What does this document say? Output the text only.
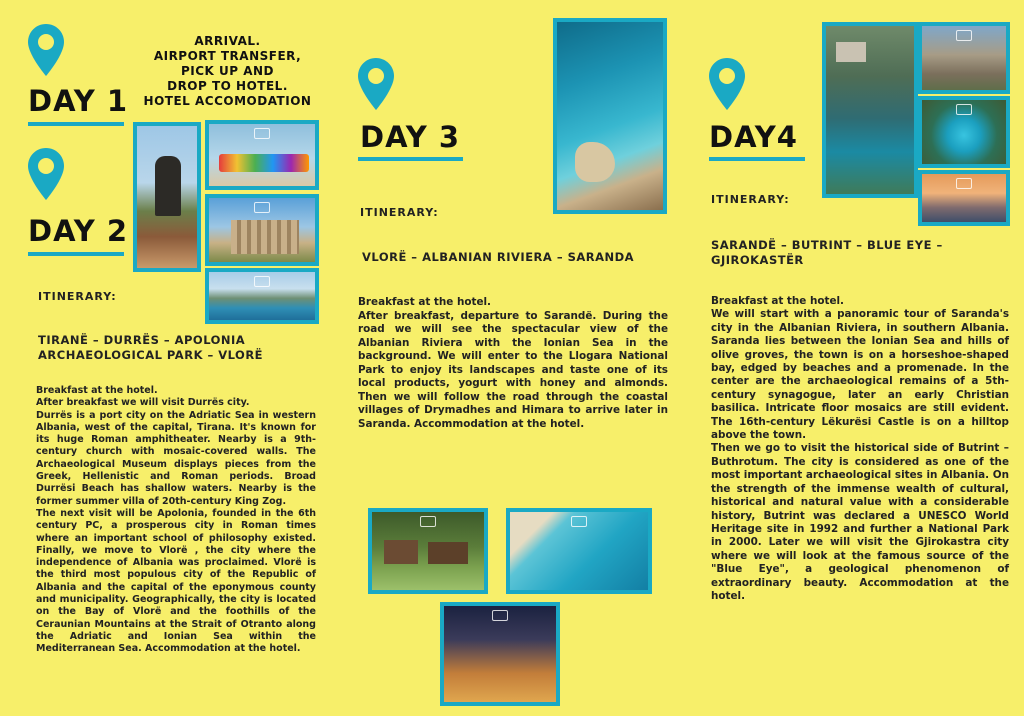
DAY 1
ARRIVAL.
AIRPORT TRANSFER,
PICK UP AND
DROP TO HOTEL.
HOTEL ACCOMODATION
DAY 2
ITINERARY:
TIRANË – DURRËS – APOLONIA
ARCHAEOLOGICAL PARK – VLORË

Breakfast at the hotel.

After breakfast we will visit Durrës city.

Durrës is a port city on the Adriatic Sea in western Albania, west of the capital, Tirana. It's known for its huge Roman amphitheater. Nearby is a 9th-century church with mosaic-covered walls. The Archaeological Museum displays pieces from the Greek, Hellenistic and Roman periods. Broad Durrësi Beach has shallow waters. Nearby is the former summer villa of 20th-century King Zog.

The next visit will be Apolonia, founded in the 6th century PC, a prosperous city in Roman times where an important school of philosophy existed. Finally, we move to Vlorë , the city where the independence of Albania was proclaimed. Vlorë is the third most populous city of the Republic of Albania and the capital of the eponymous county and municipality. Geographically, the city is located on the Bay of Vlorë and the foothills of the Ceraunian Mountains at the Strait of Otranto along the Adriatic and Ionian Sea within the Mediterranean Sea. Accommodation at the hotel.

DAY 3
ITINERARY:
VLORË – ALBANIAN RIVIERA – SARANDA

Breakfast at the hotel.

After breakfast, departure to Sarandë. During the road we will see the spectacular view of the Albanian Riviera with the Ionian Sea in the background. We will enter to the Llogara National Park to enjoy its landscapes and taste one of its local products, yogurt with honey and almonds. Then we will follow the road through the coastal villages of Drymadhes and Himara to arrive later in Saranda. Accommodation at the hotel.

DAY4
ITINERARY:
SARANDË – BUTRINT – BLUE EYE –
GJIROKASTËR

Breakfast at the hotel.

We will start with a panoramic tour of Saranda's city in the Albanian Riviera, in southern Albania. Saranda lies between the Ionian Sea and hills of olive groves, the town is on a horseshoe-shaped bay, edged by beaches and a promenade. In the center are the archaeological remains of a 5th-century synagogue, later an early Christian basilica. Intricate floor mosaics are still evident. The 16th-century Lëkurësi Castle is on a hilltop above the town.

Then we go to visit the historical side of Butrint – Buthrotum. The city is considered as one of the most important archaeological sites in Albania. On the strength of the immense wealth of cultural, historical and natural value with a considerable history, Butrint was declared a UNESCO World Heritage site in 1992 and further a National Park in 2000. Later we will visit the Gjirokastra city where we will look at the famous source of the "Blue Eye", a geological phenomenon of extraordinary beauty. Accommodation at the hotel.
